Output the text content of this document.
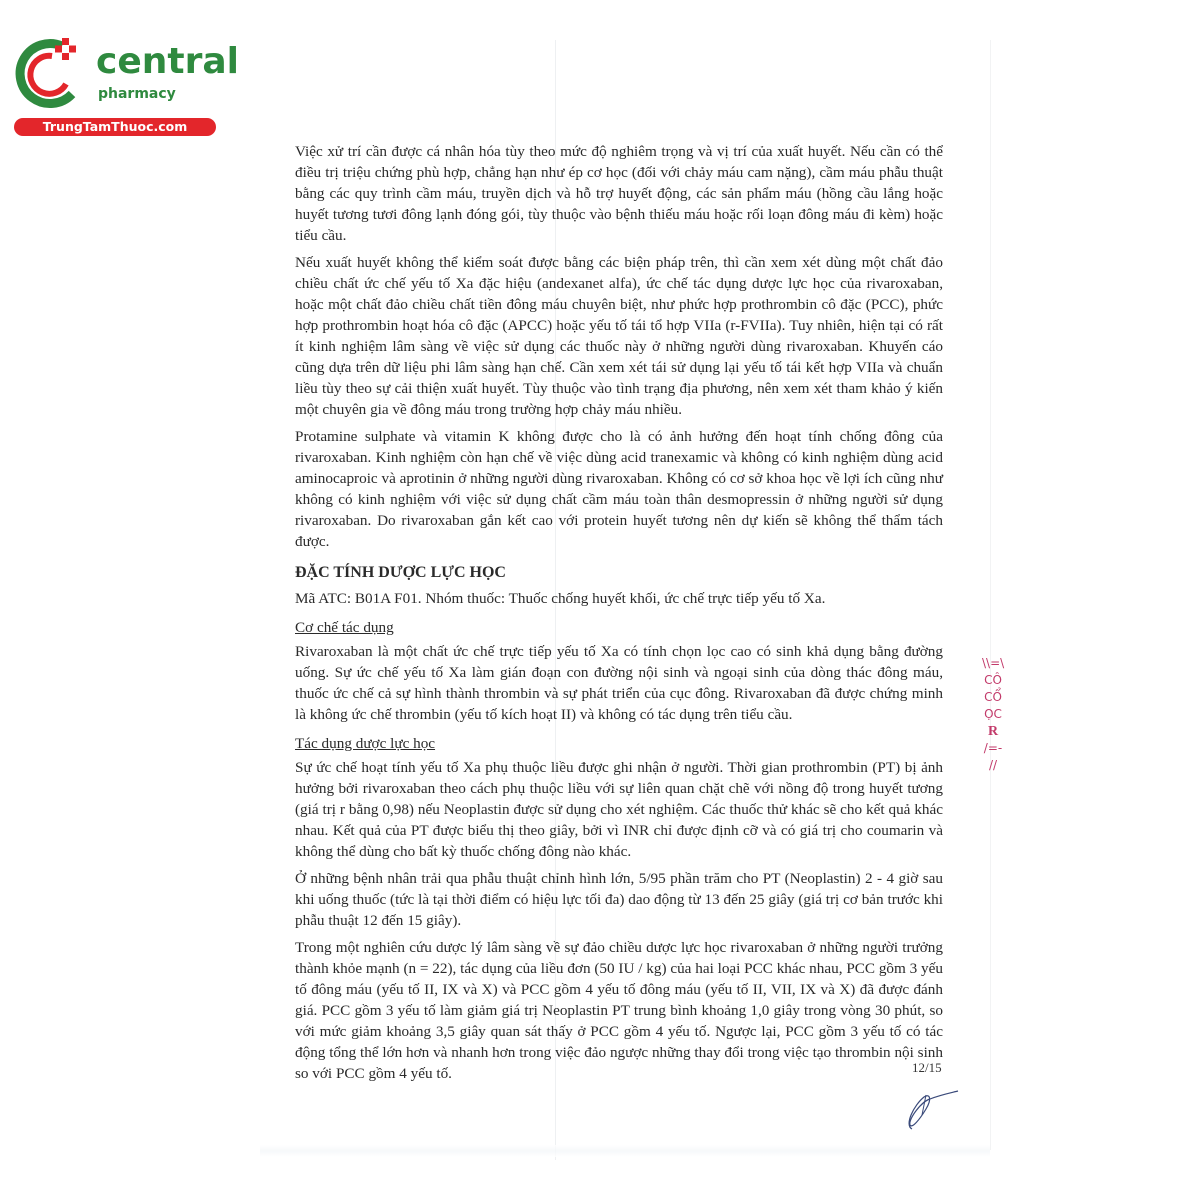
central
pharmacy
TrungTamThuoc.com

Việc xử trí cần được cá nhân hóa tùy theo mức độ nghiêm trọng và vị trí của xuất huyết. Nếu cần có thể điều trị triệu chứng phù hợp, chẳng hạn như ép cơ học (đối với chảy máu cam nặng), cầm máu phẫu thuật bằng các quy trình cầm máu, truyền dịch và hỗ trợ huyết động, các sản phẩm máu (hồng cầu lắng hoặc huyết tương tươi đông lạnh đóng gói, tùy thuộc vào bệnh thiếu máu hoặc rối loạn đông máu đi kèm) hoặc tiểu cầu.

Nếu xuất huyết không thể kiểm soát được bằng các biện pháp trên, thì cần xem xét dùng một chất đảo chiều chất ức chế yếu tố Xa đặc hiệu (andexanet alfa), ức chế tác dụng dược lực học của rivaroxaban, hoặc một chất đảo chiều chất tiền đông máu chuyên biệt, như phức hợp prothrombin cô đặc (PCC), phức hợp prothrombin hoạt hóa cô đặc (APCC) hoặc yếu tố tái tổ hợp VIIa (r-FVIIa). Tuy nhiên, hiện tại có rất ít kinh nghiệm lâm sàng về việc sử dụng các thuốc này ở những người dùng rivaroxaban. Khuyến cáo cũng dựa trên dữ liệu phi lâm sàng hạn chế. Cần xem xét tái sử dụng lại yếu tố tái kết hợp VIIa và chuẩn liều tùy theo sự cải thiện xuất huyết. Tùy thuộc vào tình trạng địa phương, nên xem xét tham khảo ý kiến một chuyên gia về đông máu trong trường hợp chảy máu nhiều.

Protamine sulphate và vitamin K không được cho là có ảnh hưởng đến hoạt tính chống đông của rivaroxaban. Kinh nghiệm còn hạn chế về việc dùng acid tranexamic và không có kinh nghiệm dùng acid aminocaproic và aprotinin ở những người dùng rivaroxaban. Không có cơ sở khoa học về lợi ích cũng như không có kinh nghiệm với việc sử dụng chất cầm máu toàn thân desmopressin ở những người sử dụng rivaroxaban. Do rivaroxaban gắn kết cao với protein huyết tương nên dự kiến sẽ không thể thẩm tách được.

ĐẶC TÍNH DƯỢC LỰC HỌC

Mã ATC: B01A F01. Nhóm thuốc: Thuốc chống huyết khối, ức chế trực tiếp yếu tố Xa.

Cơ chế tác dụng

Rivaroxaban là một chất ức chế trực tiếp yếu tố Xa có tính chọn lọc cao có sinh khả dụng bằng đường uống. Sự ức chế yếu tố Xa làm gián đoạn con đường nội sinh và ngoại sinh của dòng thác đông máu, thuốc ức chế cả sự hình thành thrombin và sự phát triển của cục đông. Rivaroxaban đã được chứng minh là không ức chế thrombin (yếu tố kích hoạt II) và không có tác dụng trên tiểu cầu.

Tác dụng dược lực học

Sự ức chế hoạt tính yếu tố Xa phụ thuộc liều được ghi nhận ở người. Thời gian prothrombin (PT) bị ảnh hưởng bởi rivaroxaban theo cách phụ thuộc liều với sự liên quan chặt chẽ với nồng độ trong huyết tương (giá trị r bằng 0,98) nếu Neoplastin được sử dụng cho xét nghiệm. Các thuốc thử khác sẽ cho kết quả khác nhau. Kết quả của PT được biểu thị theo giây, bởi vì INR chỉ được định cỡ và có giá trị cho coumarin và không thể dùng cho bất kỳ thuốc chống đông nào khác.

Ở những bệnh nhân trải qua phẫu thuật chỉnh hình lớn, 5/95 phần trăm cho PT (Neoplastin) 2 - 4 giờ sau khi uống thuốc (tức là tại thời điểm có hiệu lực tối đa) dao động từ 13 đến 25 giây (giá trị cơ bản trước khi phẫu thuật 12 đến 15 giây).

Trong một nghiên cứu dược lý lâm sàng về sự đảo chiều dược lực học rivaroxaban ở những người trưởng thành khỏe mạnh (n = 22), tác dụng của liều đơn (50 IU / kg) của hai loại PCC khác nhau, PCC gồm 3 yếu tố đông máu (yếu tố II, IX và X) và PCC gồm 4 yếu tố đông máu (yếu tố II, VII, IX và X) đã được đánh giá. PCC gồm 3 yếu tố làm giảm giá trị Neoplastin PT trung bình khoảng 1,0 giây trong vòng 30 phút, so với mức giảm khoảng 3,5 giây quan sát thấy ở PCC gồm 4 yếu tố. Ngược lại, PCC gồm 3 yếu tố có tác động tổng thể lớn hơn và nhanh hơn trong việc đảo ngược những thay đổi trong việc tạo thrombin nội sinh so với PCC gồm 4 yếu tố.	12/15
\\=\
CÔ
CỔ
ỌC
R
/=-
//
